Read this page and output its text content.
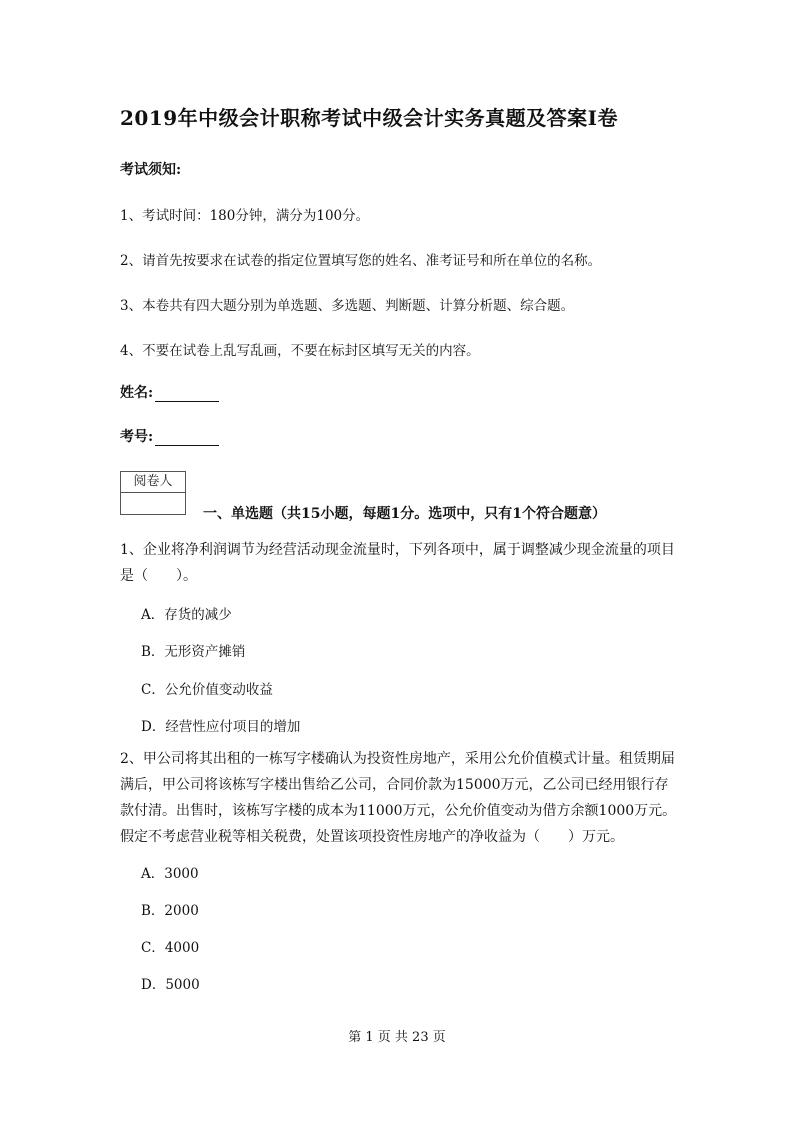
2019年中级会计职称考试中级会计实务真题及答案Ⅰ卷
考试须知:
1、考试时间：180分钟，满分为100分。
2、请首先按要求在试卷的指定位置填写您的姓名、准考证号和所在单位的名称。
3、本卷共有四大题分别为单选题、多选题、判断题、计算分析题、综合题。
4、不要在试卷上乱写乱画，不要在标封区填写无关的内容。
姓名:
考号:
阅卷人
一、单选题（共15小题，每题1分。选项中，只有1个符合题意）
1、企业将净利润调节为经营活动现金流量时，下列各项中，属于调整减少现金流量的项目是（　　）。
A．存货的减少
B．无形资产摊销
C．公允价值变动收益
D．经营性应付项目的增加
2、甲公司将其出租的一栋写字楼确认为投资性房地产，采用公允价值模式计量。租赁期届满后，甲公司将该栋写字楼出售给乙公司，合同价款为15000万元，乙公司已经用银行存款付清。出售时，该栋写字楼的成本为11000万元，公允价值变动为借方余额1000万元。假定不考虑营业税等相关税费，处置该项投资性房地产的净收益为（　　）万元。
A．3000
B．2000
C．4000
D．5000
第 1 页 共 23 页
